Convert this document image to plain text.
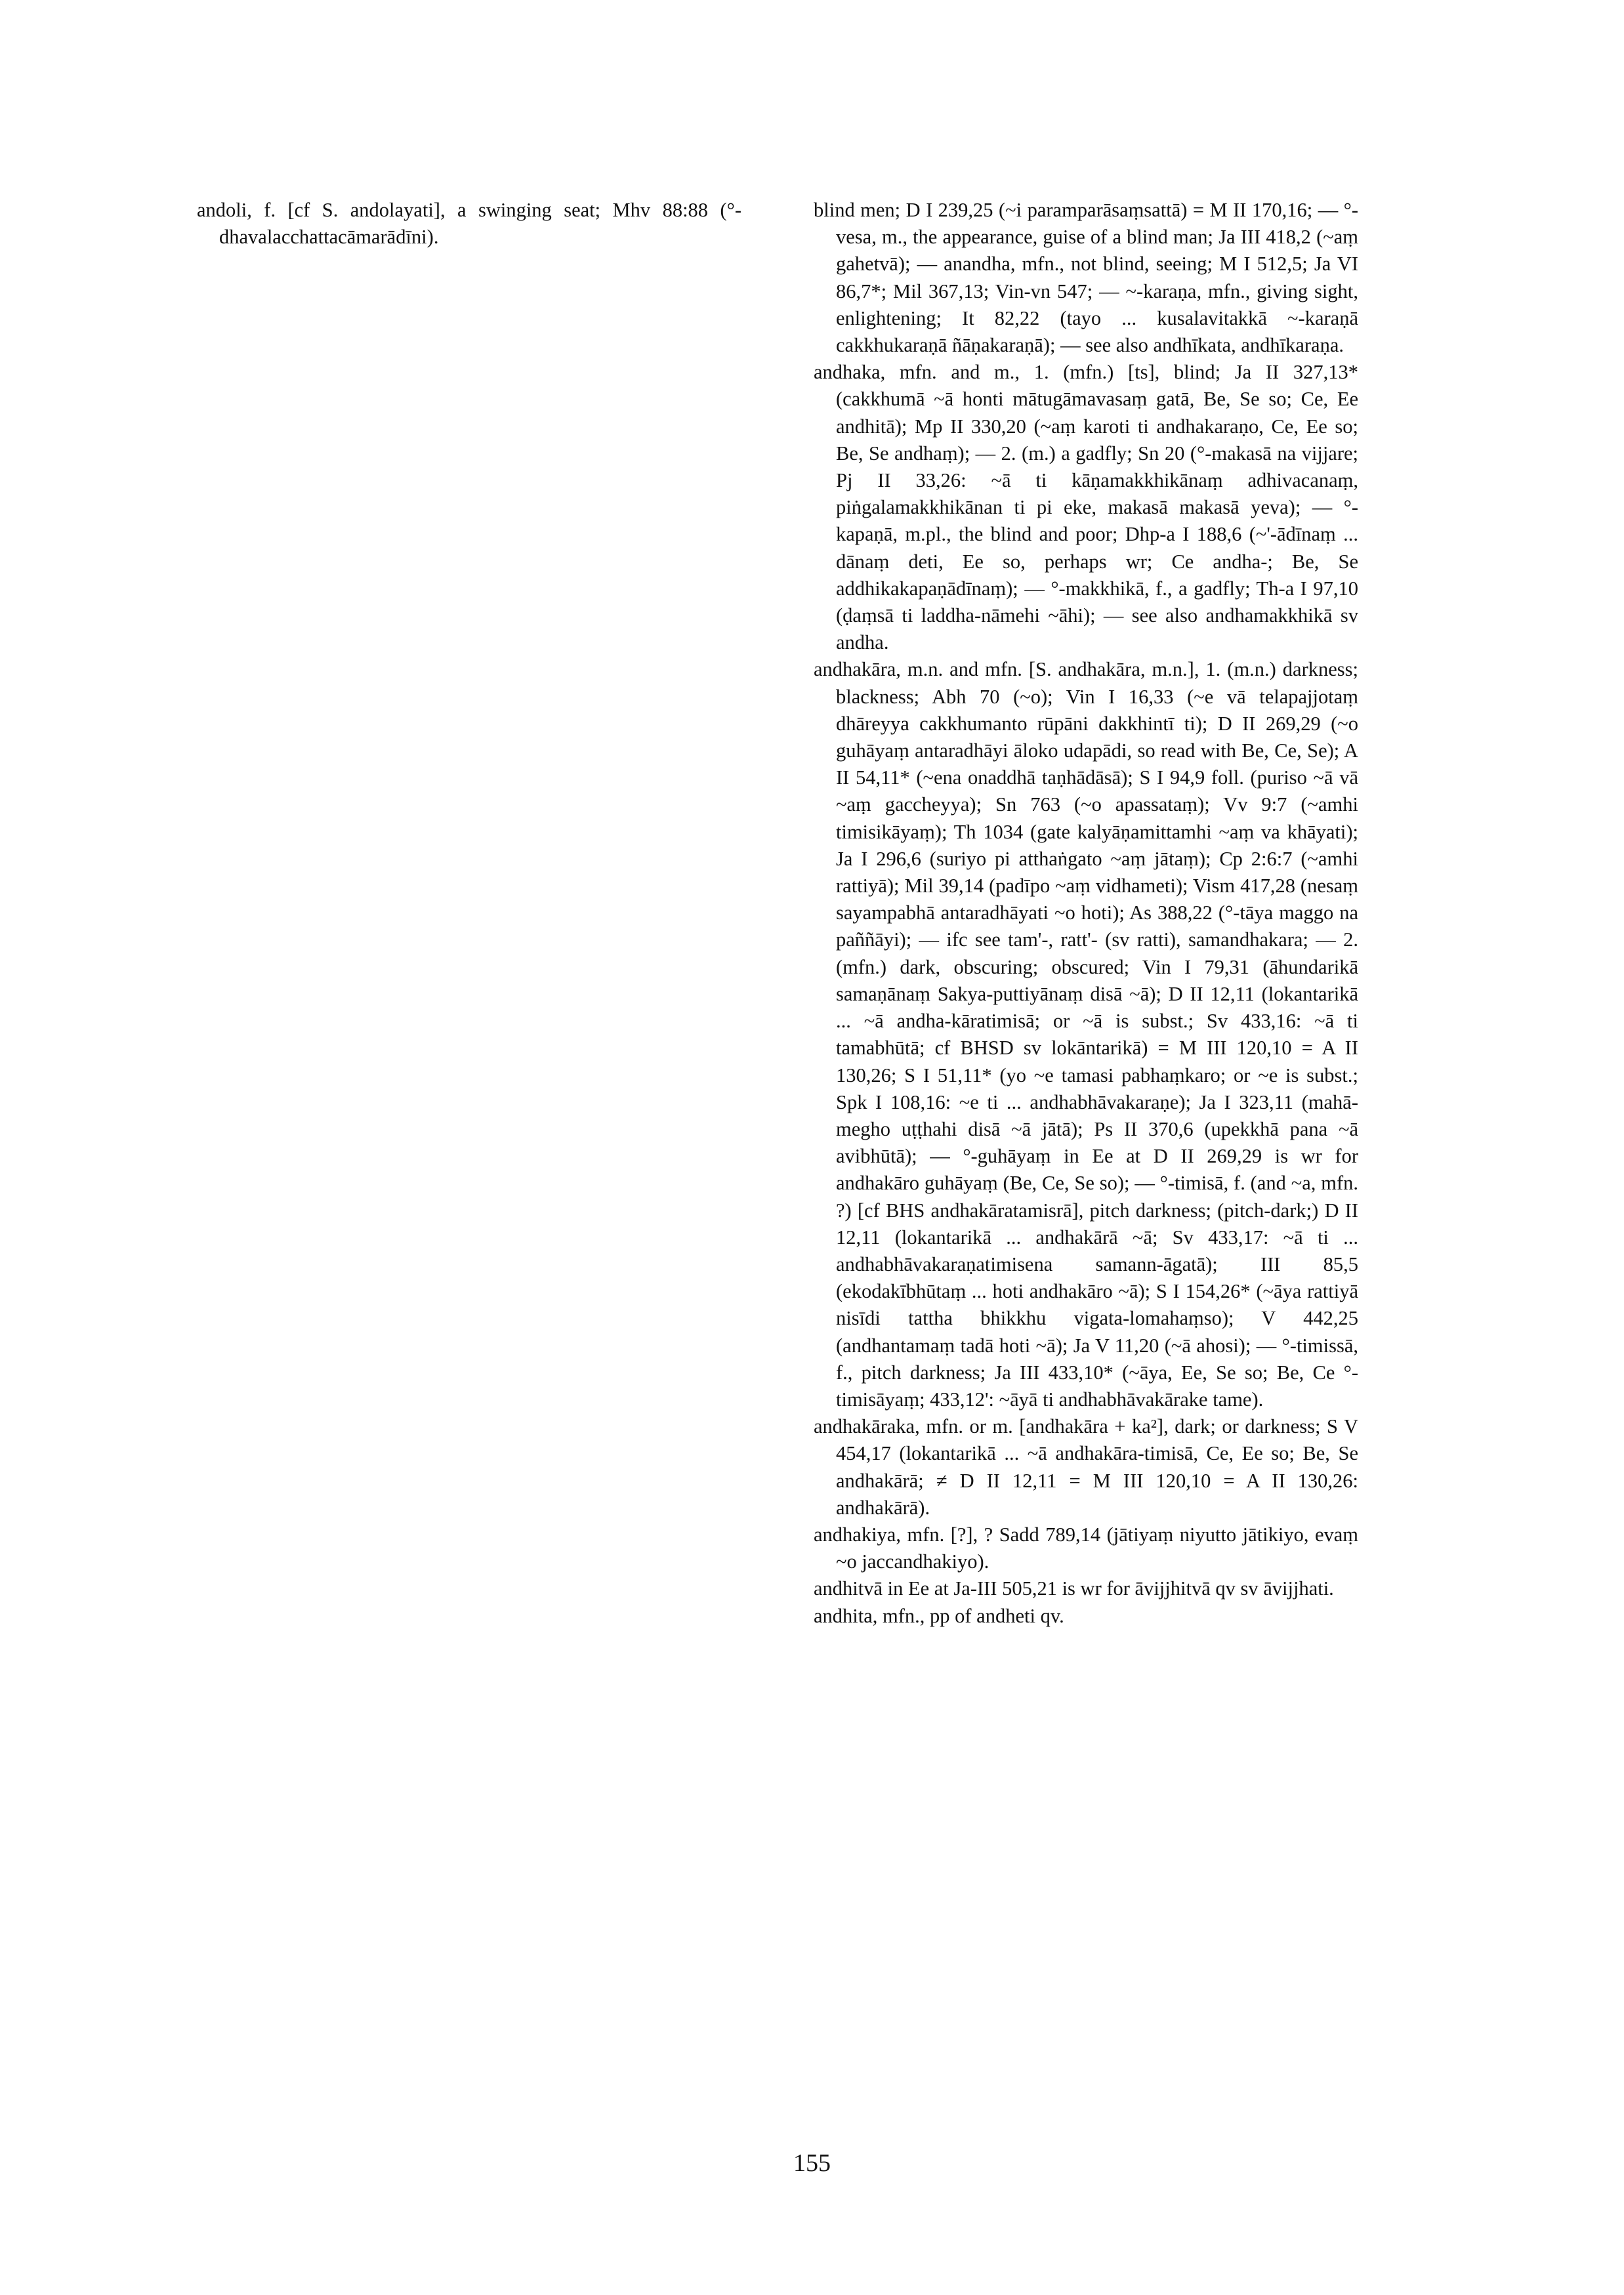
andoli, f. [cf S. andolayati], a swinging seat; Mhv 88:88 (°-dhavalacchattacāmarādīni).

blind men; D I 239,25 (~i paramparāsaṃsattā) = M II 170,16; — °-vesa, m., the appearance, guise of a blind man; Ja III 418,2 (~aṃ gahetvā); — anandha, mfn., not blind, seeing; M I 512,5; Ja VI 86,7*; Mil 367,13; Vin-vn 547; — ~-karaṇa, mfn., giving sight, enlightening; It 82,22 (tayo ... kusalavitakkā ~-karaṇā cakkhukaraṇā ñāṇakaraṇā); — see also andhīkata, andhīkaraṇa.

andhaka, mfn. and m., 1. (mfn.) [ts], blind; Ja II 327,13* (cakkhumā ~ā honti mātugāmavasaṃ gatā, Be, Se so; Ce, Ee andhitā); Mp II 330,20 (~aṃ karoti ti andhakaraṇo, Ce, Ee so; Be, Se andhaṃ); — 2. (m.) a gadfly; Sn 20 (°-makasā na vijjare; Pj II 33,26: ~ā ti kāṇamakkhikānaṃ adhivacanaṃ, piṅgalamakkhikānan ti pi eke, makasā makasā yeva); — °-kapaṇā, m.pl., the blind and poor; Dhp-a I 188,6 (~'-ādīnaṃ ... dānaṃ deti, Ee so, perhaps wr; Ce andha-; Be, Se addhikakapaṇādīnaṃ); — °-makkhikā, f., a gadfly; Th-a I 97,10 (ḍaṃsā ti laddha-nāmehi ~āhi); — see also andhamakkhikā sv andha.

andhakāra, m.n. and mfn. [S. andhakāra, m.n.], 1. (m.n.) darkness; blackness; Abh 70 (~o); Vin I 16,33 (~e vā telapajjotaṃ dhāreyya cakkhumanto rūpāni dakkhintī ti); D II 269,29 (~o guhāyaṃ antaradhāyi āloko udapādi, so read with Be, Ce, Se); A II 54,11* (~ena onaddhā taṇhādāsā); S I 94,9 foll. (puriso ~ā vā ~aṃ gaccheyya); Sn 763 (~o apassataṃ); Vv 9:7 (~amhi timisikāyaṃ); Th 1034 (gate kalyāṇamittamhi ~aṃ va khāyati); Ja I 296,6 (suriyo pi atthaṅgato ~aṃ jātaṃ); Cp 2:6:7 (~amhi rattiyā); Mil 39,14 (padīpo ~aṃ vidhameti); Vism 417,28 (nesaṃ sayampabhā antaradhāyati ~o hoti); As 388,22 (°-tāya maggo na paññāyi); — ifc see tam'-, ratt'- (sv ratti), samandhakara; — 2. (mfn.) dark, obscuring; obscured; Vin I 79,31 (āhundarikā samaṇānaṃ Sakya-puttiyānaṃ disā ~ā); D II 12,11 (lokantarikā ... ~ā andha-kāratimisā; or ~ā is subst.; Sv 433,16: ~ā ti tamabhūtā; cf BHSD sv lokāntarikā) = M III 120,10 = A II 130,26; S I 51,11* (yo ~e tamasi pabhaṃkaro; or ~e is subst.; Spk I 108,16: ~e ti ... andhabhāvakaraṇe); Ja I 323,11 (mahā-megho uṭṭhahi disā ~ā jātā); Ps II 370,6 (upekkhā pana ~ā avibhūtā); — °-guhāyaṃ in Ee at D II 269,29 is wr for andhakāro guhāyaṃ (Be, Ce, Se so); — °-timisā, f. (and ~a, mfn. ?) [cf BHS andhakāratamisrā], pitch darkness; (pitch-dark;) D II 12,11 (lokantarikā ... andhakārā ~ā; Sv 433,17: ~ā ti ... andhabhāvakaraṇatimisena samann-āgatā); III 85,5 (ekodakībhūtaṃ ... hoti andhakāro ~ā); S I 154,26* (~āya rattiyā nisīdi tattha bhikkhu vigata-lomahaṃso); V 442,25 (andhantamaṃ tadā hoti ~ā); Ja V 11,20 (~ā ahosi); — °-timissā, f., pitch darkness; Ja III 433,10* (~āya, Ee, Se so; Be, Ce °-timisāyaṃ; 433,12': ~āyā ti andhabhāvakārake tame).

andhakāraka, mfn. or m. [andhakāra + ka²], dark; or darkness; S V 454,17 (lokantarikā ... ~ā andhakāra-timisā, Ce, Ee so; Be, Se andhakārā; ≠ D II 12,11 = M III 120,10 = A II 130,26: andhakārā).

andhakiya, mfn. [?], ? Sadd 789,14 (jātiyaṃ niyutto jātikiyo, evaṃ ~o jaccandhakiyo).

andhitvā in Ee at Ja-III 505,21 is wr for āvijjhitvā qv sv āvijjhati.

andhita, mfn., pp of andheti qv.

155
